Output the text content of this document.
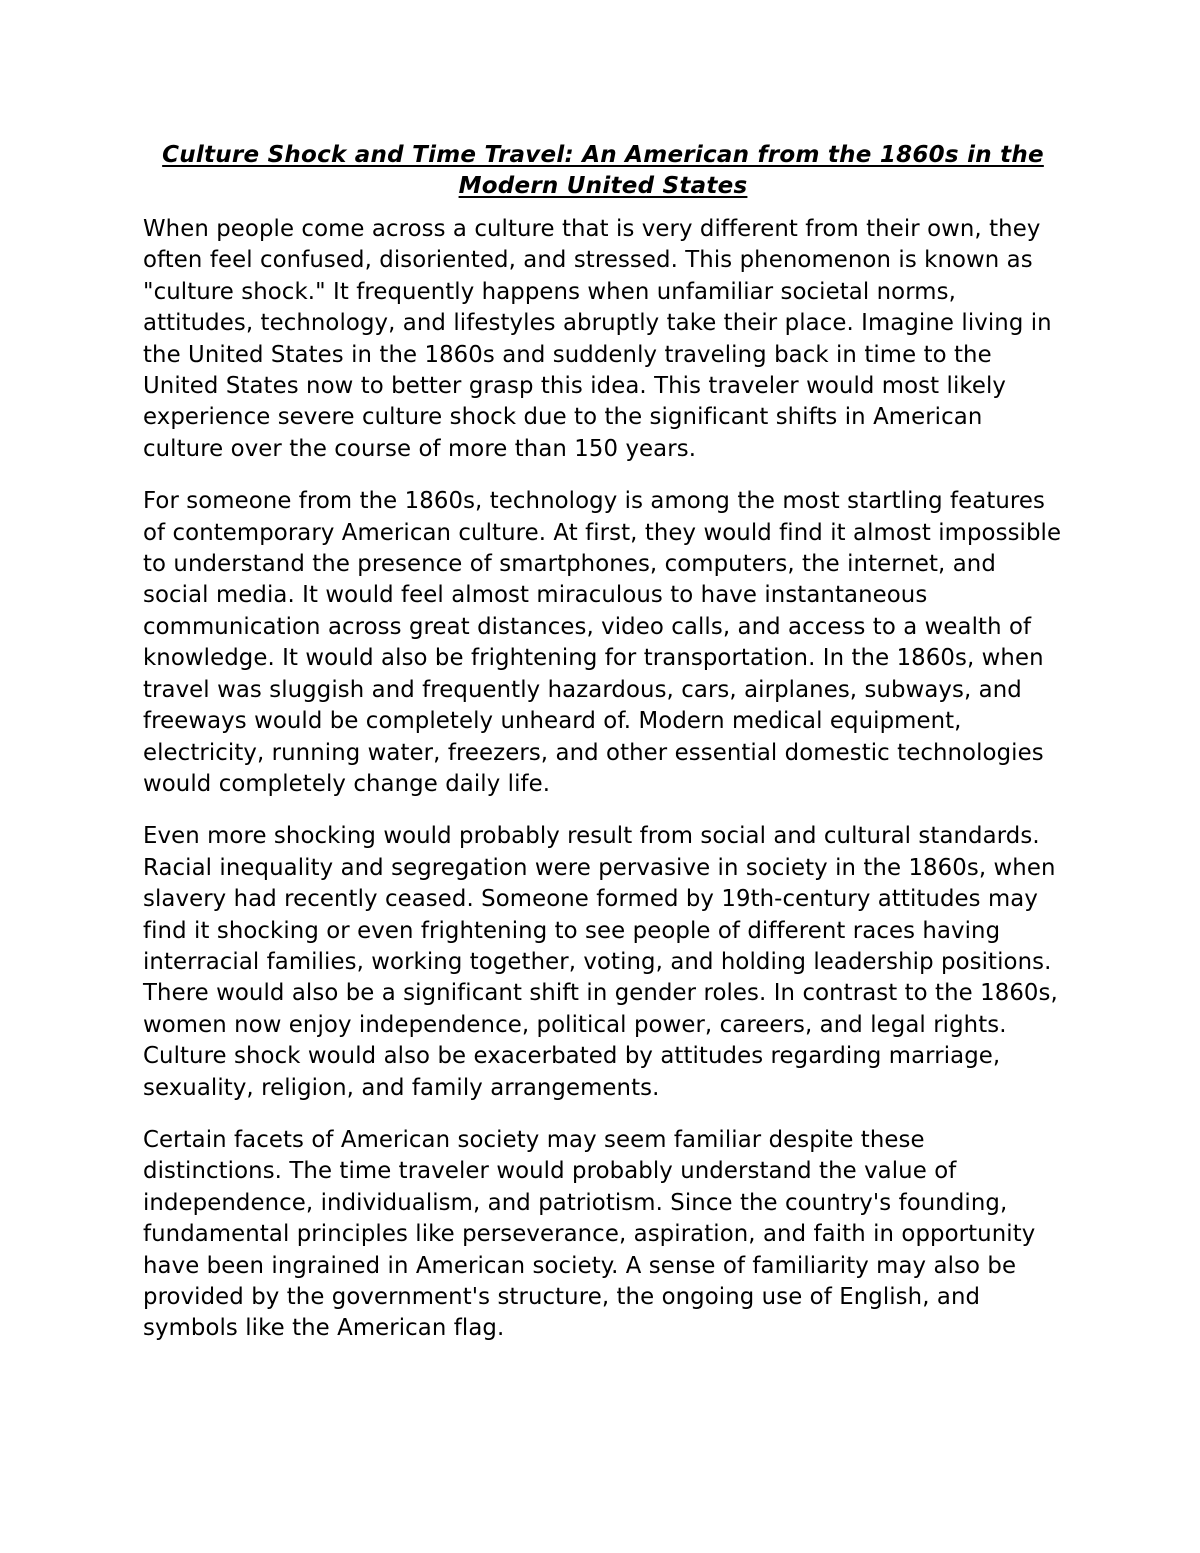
Culture Shock and Time Travel: An American from the 1860s in the Modern United States

When people come across a culture that is very different from their own, they often feel confused, disoriented, and stressed. This phenomenon is known as "culture shock." It frequently happens when unfamiliar societal norms, attitudes, technology, and lifestyles abruptly take their place. Imagine living in the United States in the 1860s and suddenly traveling back in time to the United States now to better grasp this idea. This traveler would most likely experience severe culture shock due to the significant shifts in American culture over the course of more than 150 years.

For someone from the 1860s, technology is among the most startling features of contemporary American culture. At first, they would find it almost impossible to understand the presence of smartphones, computers, the internet, and social media. It would feel almost miraculous to have instantaneous communication across great distances, video calls, and access to a wealth of knowledge. It would also be frightening for transportation. In the 1860s, when travel was sluggish and frequently hazardous, cars, airplanes, subways, and freeways would be completely unheard of. Modern medical equipment, electricity, running water, freezers, and other essential domestic technologies would completely change daily life.

Even more shocking would probably result from social and cultural standards. Racial inequality and segregation were pervasive in society in the 1860s, when slavery had recently ceased. Someone formed by 19th-century attitudes may find it shocking or even frightening to see people of different races having interracial families, working together, voting, and holding leadership positions. There would also be a significant shift in gender roles. In contrast to the 1860s, women now enjoy independence, political power, careers, and legal rights. Culture shock would also be exacerbated by attitudes regarding marriage, sexuality, religion, and family arrangements.

Certain facets of American society may seem familiar despite these distinctions. The time traveler would probably understand the value of independence, individualism, and patriotism. Since the country's founding, fundamental principles like perseverance, aspiration, and faith in opportunity have been ingrained in American society. A sense of familiarity may also be provided by the government's structure, the ongoing use of English, and symbols like the American flag.
